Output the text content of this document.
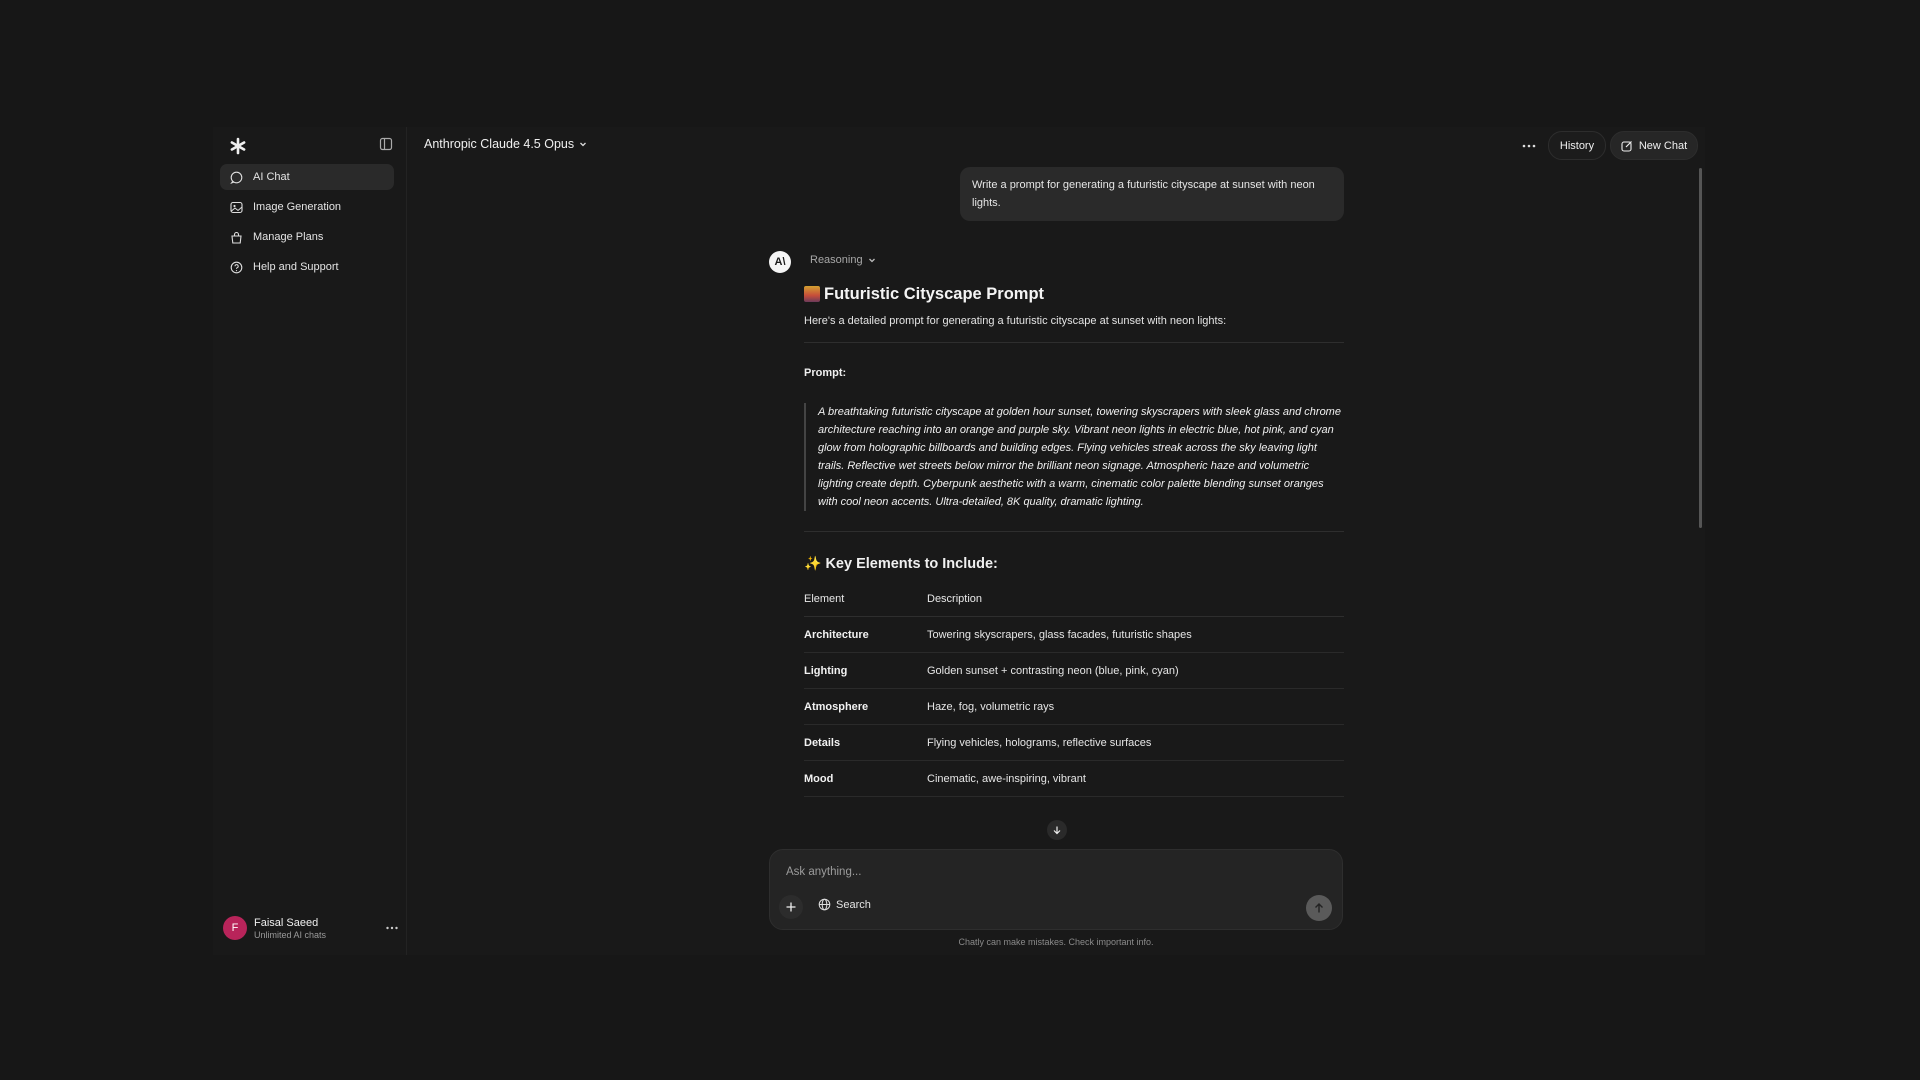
AI Chat
Image Generation
Manage Plans
Help and Support
F	Faisal Saeed
Unlimited AI chats
Anthropic Claude 4.5 Opus	History	New Chat
Write a prompt for generating a futuristic cityscape at sunset with neon lights.
A\	Reasoning
Futuristic Cityscape Prompt
Here's a detailed prompt for generating a futuristic cityscape at sunset with neon lights:
Prompt:
A breathtaking futuristic cityscape at golden hour sunset, towering skyscrapers with sleek glass and chrome architecture reaching into an orange and purple sky. Vibrant neon lights in electric blue, hot pink, and cyan glow from holographic billboards and building edges. Flying vehicles streak across the sky leaving light trails. Reflective wet streets below mirror the brilliant neon signage. Atmospheric haze and volumetric lighting create depth. Cyberpunk aesthetic with a warm, cinematic color palette blending sunset oranges with cool neon accents. Ultra-detailed, 8K quality, dramatic lighting.
✨ Key Elements to Include:
Element	Description
Architecture	Towering skyscrapers, glass facades, futuristic shapes
Lighting	Golden sunset + contrasting neon (blue, pink, cyan)
Atmosphere	Haze, fog, volumetric rays
Details	Flying vehicles, holograms, reflective surfaces
Mood	Cinematic, awe-inspiring, vibrant
Ask anything...
Search
Chatly can make mistakes. Check important info.
